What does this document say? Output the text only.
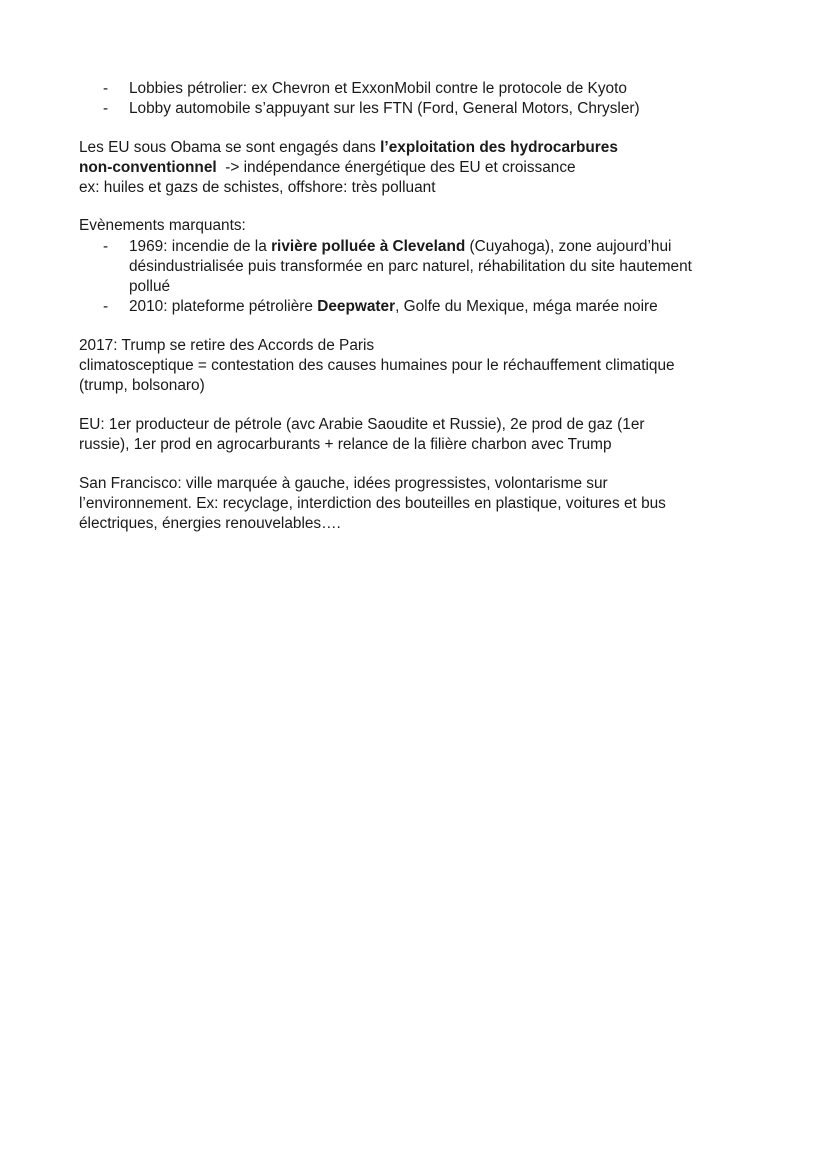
- Lobbies pétrolier: ex Chevron et ExxonMobil contre le protocole de Kyoto
- Lobby automobile s’appuyant sur les FTN (Ford, General Motors, Chrysler)
Les EU sous Obama se sont engagés dans l’exploitation des hydrocarbures
non-conventionnel  -> indépendance énergétique des EU et croissance
ex: huiles et gazs de schistes, offshore: très polluant
Evènements marquants:
- 1969: incendie de la rivière polluée à Cleveland (Cuyahoga), zone aujourd’hui
désindustrialisée puis transformée en parc naturel, réhabilitation du site hautement
pollué
- 2010: plateforme pétrolière Deepwater, Golfe du Mexique, méga marée noire
2017: Trump se retire des Accords de Paris
climatosceptique = contestation des causes humaines pour le réchauffement climatique
(trump, bolsonaro)
EU: 1er producteur de pétrole (avc Arabie Saoudite et Russie), 2e prod de gaz (1er
russie), 1er prod en agrocarburants + relance de la filière charbon avec Trump
San Francisco: ville marquée à gauche, idées progressistes, volontarisme sur
l’environnement. Ex: recyclage, interdiction des bouteilles en plastique, voitures et bus
électriques, énergies renouvelables….
